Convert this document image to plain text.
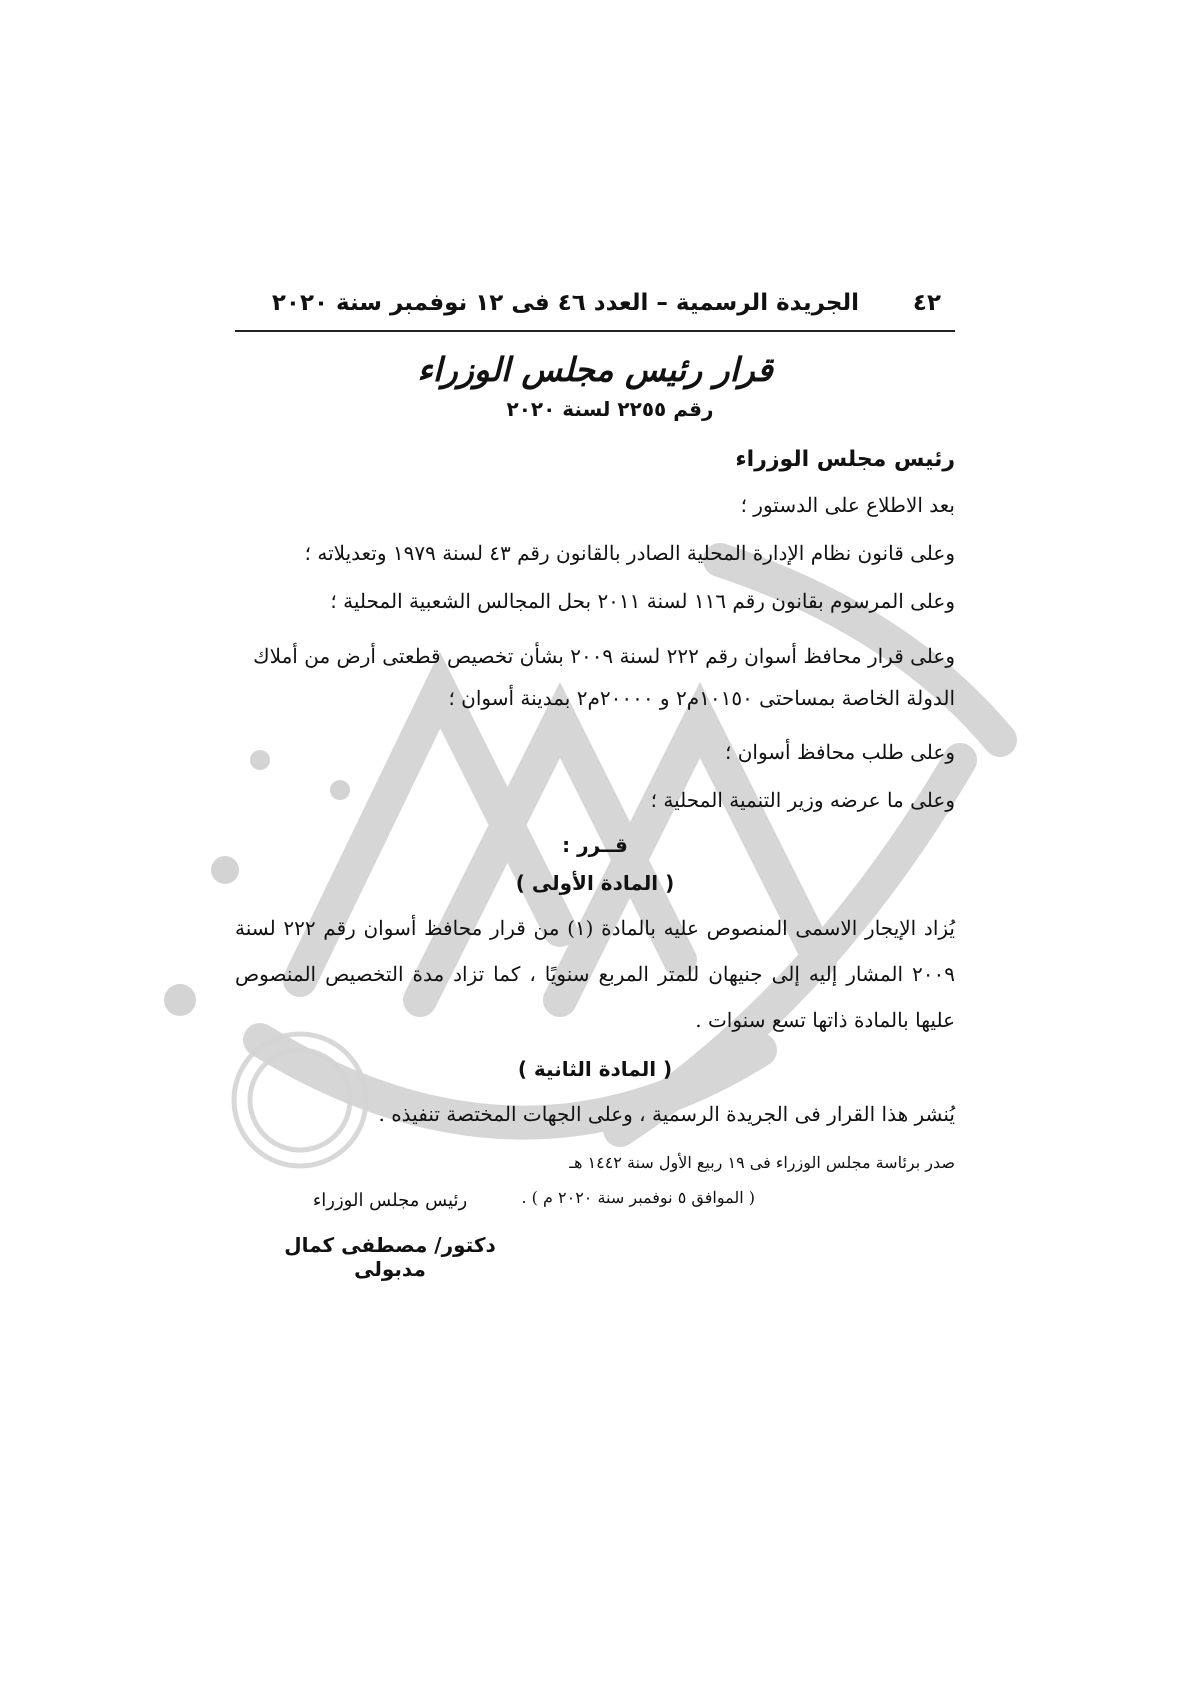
٤٢
الجريدة الرسمية – العدد ٤٦ فى ١٢ نوفمبر سنة ٢٠٢٠
قرار رئيس مجلس الوزراء
رقم ٢٢٥٥ لسنة ٢٠٢٠
رئيس مجلس الوزراء
بعد الاطلاع على الدستور ؛
وعلى قانون نظام الإدارة المحلية الصادر بالقانون رقم ٤٣ لسنة ١٩٧٩ وتعديلاته ؛
وعلى المرسوم بقانون رقم ١١٦ لسنة ٢٠١١ بحل المجالس الشعبية المحلية ؛
وعلى قرار محافظ أسوان رقم ٢٢٢ لسنة ٢٠٠٩ بشأن تخصيص قطعتى أرض من أملاك الدولة الخاصة بمساحتى ١٠١٥٠م٢ و ٢٠٠٠٠م٢ بمدينة أسوان ؛
وعلى طلب محافظ أسوان ؛
وعلى ما عرضه وزير التنمية المحلية ؛
قــرر :
( المادة الأولى )
يُزاد الإيجار الاسمى المنصوص عليه بالمادة (١) من قرار محافظ أسوان رقم ٢٢٢ لسنة ٢٠٠٩ المشار إليه إلى جنيهان للمتر المربع سنويًا ، كما تزاد مدة التخصيص المنصوص عليها بالمادة ذاتها تسع سنوات .
( المادة الثانية )
يُنشر هذا القرار فى الجريدة الرسمية ، وعلى الجهات المختصة تنفيذه .
صدر برئاسة مجلس الوزراء فى ١٩ ربيع الأول سنة ١٤٤٢ هـ
( الموافق ٥ نوفمبر سنة ٢٠٢٠ م ) .
رئيس مجلس الوزراء
دكتور/ مصطفى كمال مدبولى
